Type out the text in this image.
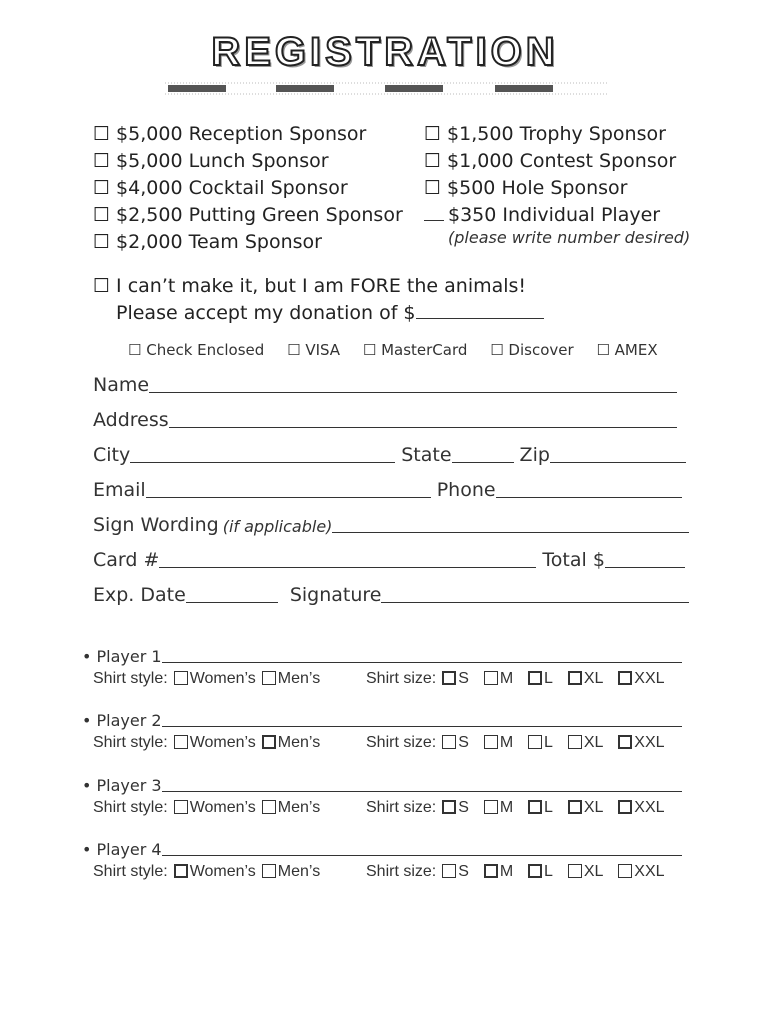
REGISTRATION
☐ $5,000 Reception Sponsor
☐ $5,000 Lunch Sponsor
☐ $4,000 Cocktail Sponsor
☐ $2,500 Putting Green Sponsor
☐ $2,000 Team Sponsor
☐ $1,500 Trophy Sponsor
☐ $1,000 Contest Sponsor
☐ $500 Hole Sponsor
$350 Individual Player
(please write number desired)
☐ I can’t make it, but I am FORE the animals!
Please accept my donation of $
☐ Check Enclosed ☐ VISA ☐ MasterCard ☐ Discover ☐ AMEX
Name
Address
City	State	Zip
Email	Phone
Sign Wording (if applicable)
Card #	Total $
Exp. Date	Signature
• Player 1
Shirt style: Women’s Men’s	Shirt size: S M L XL XXL
• Player 2
Shirt style: Women’s Men’s	Shirt size: S M L XL XXL
• Player 3
Shirt style: Women’s Men’s	Shirt size: S M L XL XXL
• Player 4
Shirt style: Women’s Men’s	Shirt size: S M L XL XXL
